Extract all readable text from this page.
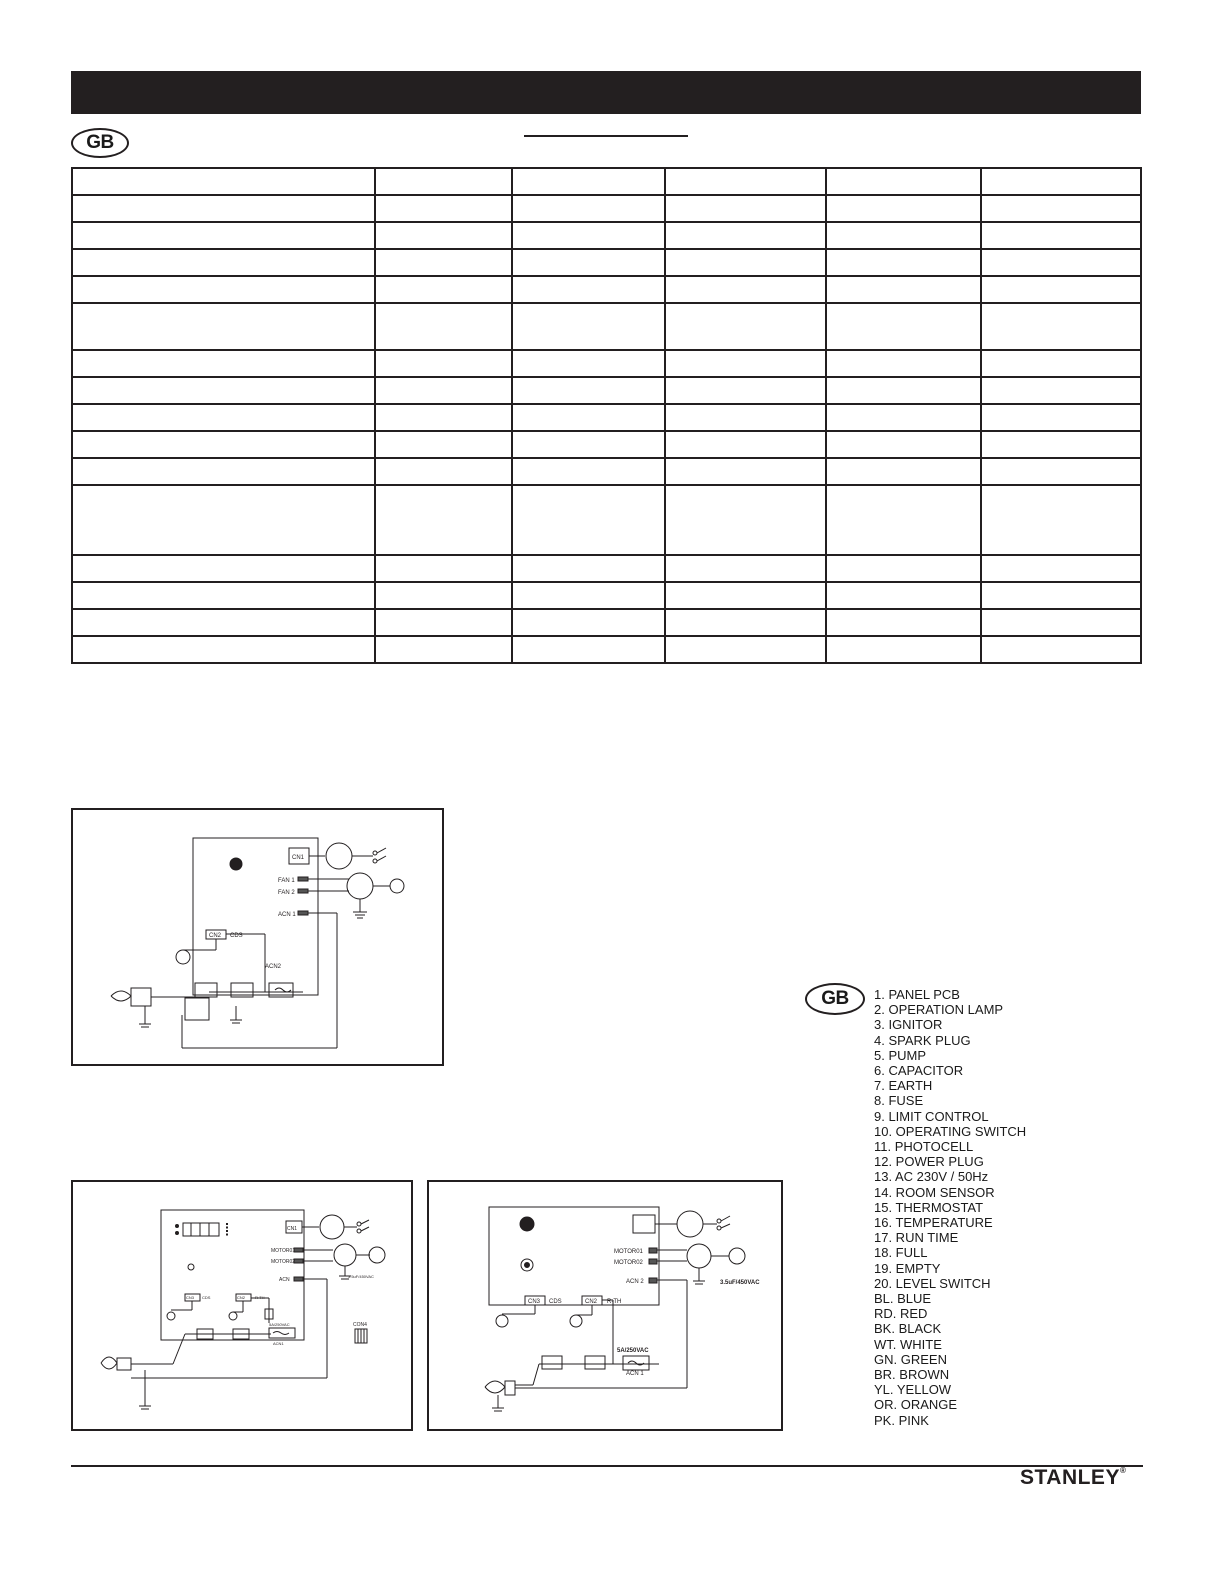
GB

CN1
FAN 1
FAN 2
ACN 1
CN2 CDS
ACN2
CN1
MOTOR01
MOTOR02
ACN
CN3 CDS	CN2 R-TH
3.5uF/450VAC
5A/250VAC
ACN1
CON4
MOTOR01
MOTOR02
ACN 2
CN3 CDS	CN2 R-TH
3.5uF/450VAC
5A/250VAC
ACN 1
GB	1. PANEL PCB
2. OPERATION LAMP
3. IGNITOR
4. SPARK PLUG
5. PUMP
6. CAPACITOR
7. EARTH
8. FUSE
9. LIMIT CONTROL
10. OPERATING SWITCH
11. PHOTOCELL
12. POWER PLUG
13. AC 230V / 50Hz
14. ROOM SENSOR
15. THERMOSTAT
16. TEMPERATURE
17. RUN TIME
18. FULL
19. EMPTY
20. LEVEL SWITCH
BL. BLUE
RD. RED
BK. BLACK
WT. WHITE
GN. GREEN
BR. BROWN
YL. YELLOW
OR. ORANGE
PK. PINK
STANLEY®
